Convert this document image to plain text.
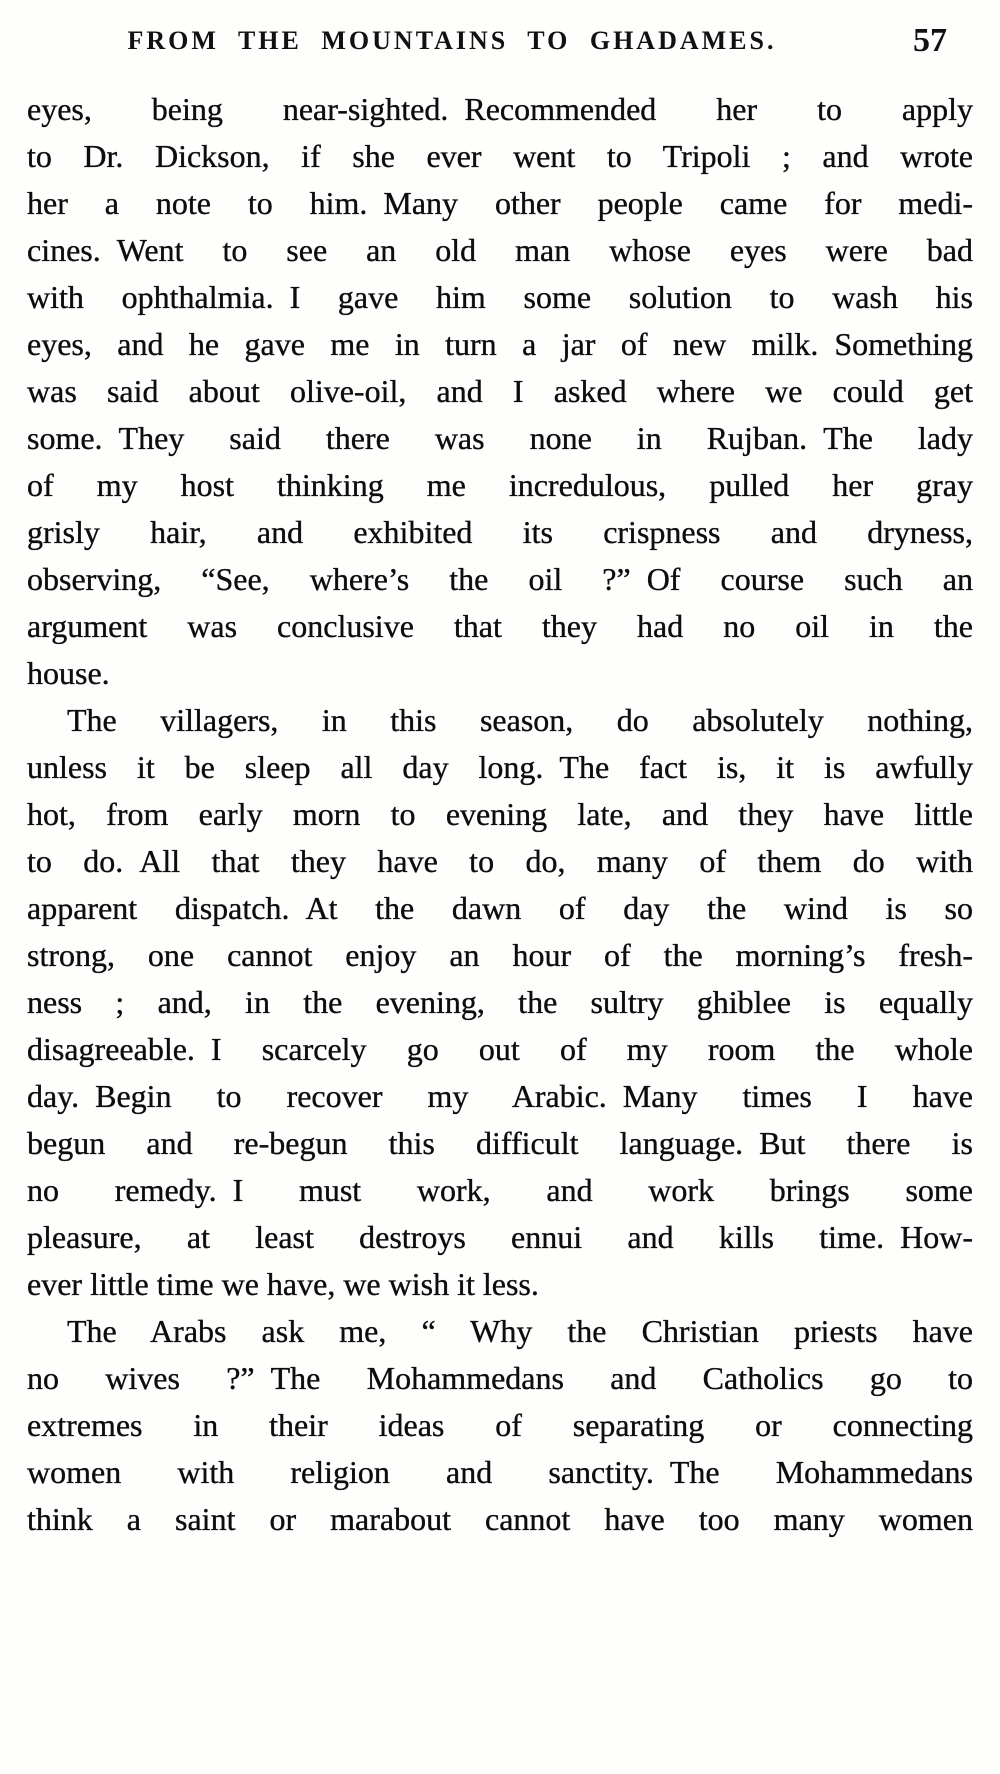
FROM THE MOUNTAINS TO GHADAMES.	57
eyes, being near-sighted. Recommended her to apply
to Dr. Dickson, if she ever went to Tripoli ; and wrote
her a note to him. Many other people came for medi-
cines. Went to see an old man whose eyes were bad
with ophthalmia. I gave him some solution to wash his
eyes, and he gave me in turn a jar of new milk. Something
was said about olive-oil, and I asked where we could get
some. They said there was none in Rujban. The lady
of my host thinking me incredulous, pulled her gray
grisly hair, and exhibited its crispness and dryness,
observing, “See, where’s the oil ?” Of course such an
argument was conclusive that they had no oil in the
house.
The villagers, in this season, do absolutely nothing,
unless it be sleep all day long. The fact is, it is awfully
hot, from early morn to evening late, and they have little
to do. All that they have to do, many of them do with
apparent dispatch. At the dawn of day the wind is so
strong, one cannot enjoy an hour of the morning’s fresh-
ness ; and, in the evening, the sultry ghiblee is equally
disagreeable. I scarcely go out of my room the whole
day. Begin to recover my Arabic. Many times I have
begun and re-begun this difficult language. But there is
no remedy. I must work, and work brings some
pleasure, at least destroys ennui and kills time. How-
ever little time we have, we wish it less.
The Arabs ask me, “ Why the Christian priests have
no wives ?” The Mohammedans and Catholics go to
extremes in their ideas of separating or connecting
women with religion and sanctity. The Mohammedans
think a saint or marabout cannot have too many women
